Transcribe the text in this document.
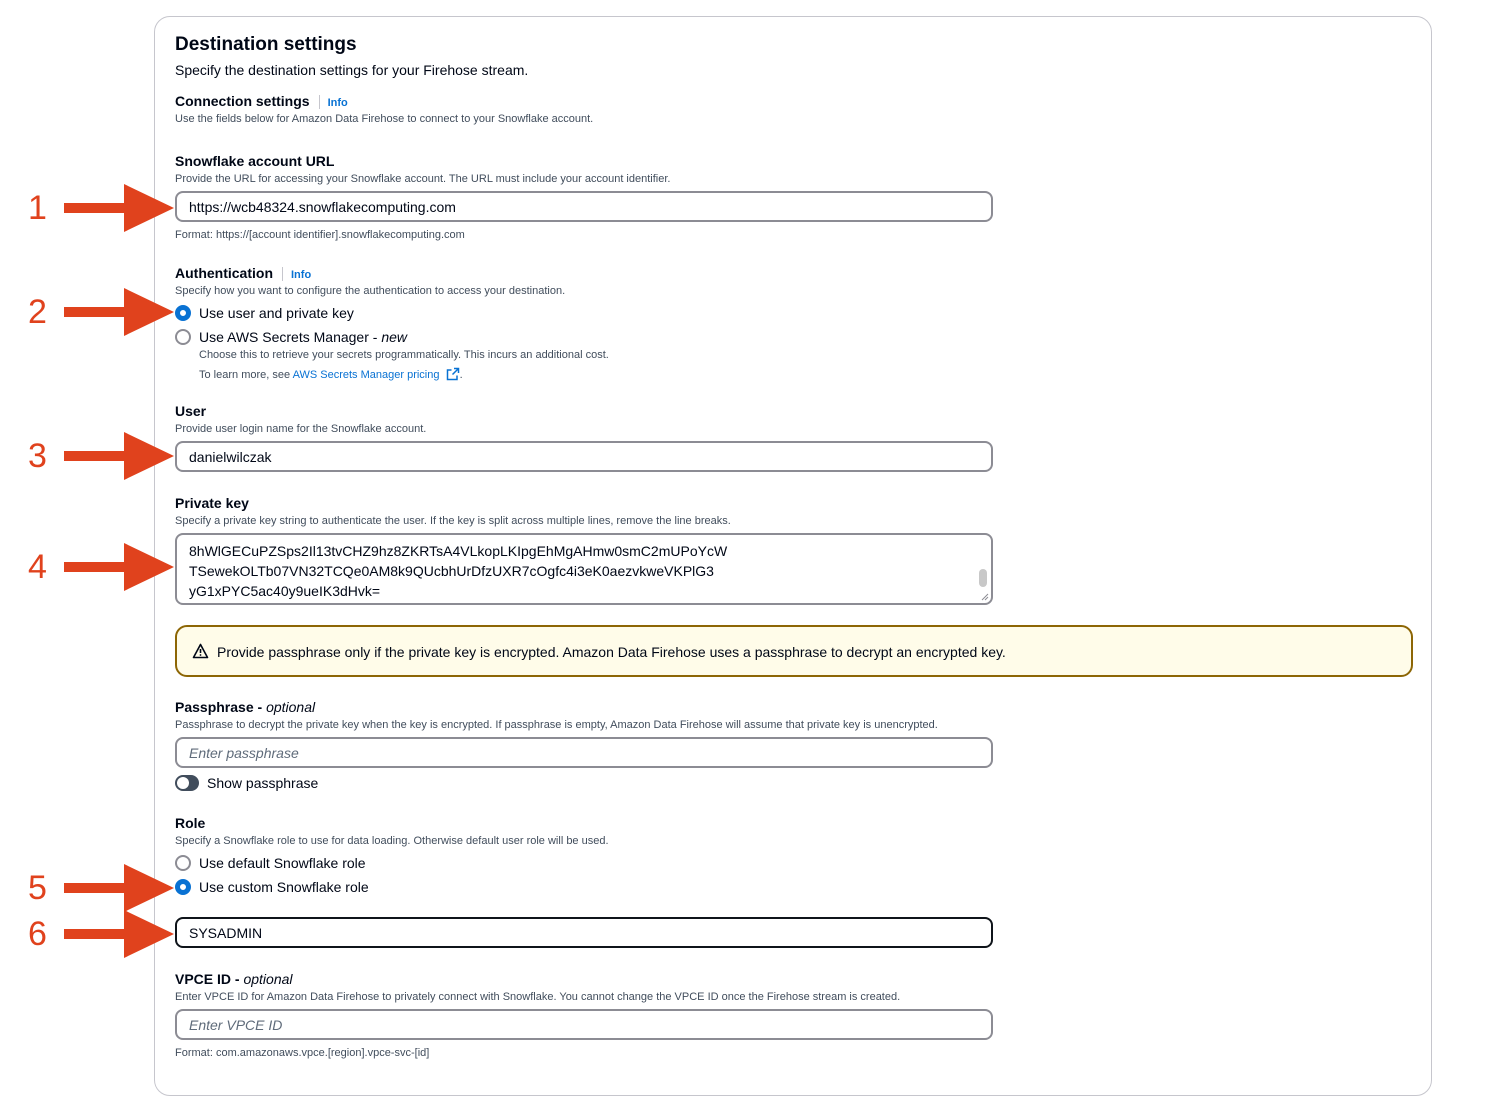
Destination settings
Specify the destination settings for your Firehose stream.
Connection settings Info
Use the fields below for Amazon Data Firehose to connect to your Snowflake account.
Snowflake account URL
Provide the URL for accessing your Snowflake account. The URL must include your account identifier.
https://wcb48324.snowflakecomputing.com
Format: https://[account identifier].snowflakecomputing.com
Authentication Info
Specify how you want to configure the authentication to access your destination.
Use user and private key
Use AWS Secrets Manager - new
Choose this to retrieve your secrets programmatically. This incurs an additional cost.
To learn more, see AWS Secrets Manager pricing .
User
Provide user login name for the Snowflake account.
danielwilczak
Private key
Specify a private key string to authenticate the user. If the key is split across multiple lines, remove the line breaks.
8hWlGECuPZSps2Il13tvCHZ9hz8ZKRTsA4VLkopLKIpgEhMgAHmw0smC2mUPoYcW
TSewekOLTb07VN32TCQe0AM8k9QUcbhUrDfzUXR7cOgfc4i3eK0aezvkweVKPlG3
yG1xPYC5ac40y9ueIK3dHvk=
Provide passphrase only if the private key is encrypted. Amazon Data Firehose uses a passphrase to decrypt an encrypted key.
Passphrase - optional
Passphrase to decrypt the private key when the key is encrypted. If passphrase is empty, Amazon Data Firehose will assume that private key is unencrypted.
Enter passphrase
Show passphrase
Role
Specify a Snowflake role to use for data loading. Otherwise default user role will be used.
Use default Snowflake role
Use custom Snowflake role
SYSADMIN
VPCE ID - optional
Enter VPCE ID for Amazon Data Firehose to privately connect with Snowflake. You cannot change the VPCE ID once the Firehose stream is created.
Enter VPCE ID
Format: com.amazonaws.vpce.[region].vpce-svc-[id]
1
2
3
4
5
6
